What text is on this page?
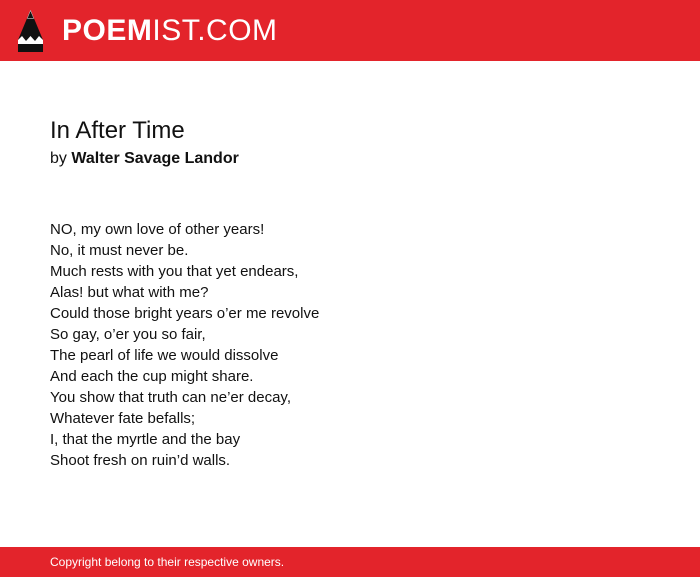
POEMIST.COM
In After Time
by Walter Savage Landor
NO, my own love of other years!
No, it must never be.
Much rests with you that yet endears,
Alas! but what with me?
Could those bright years o’er me revolve
So gay, o’er you so fair,
The pearl of life we would dissolve
And each the cup might share.
You show that truth can ne’er decay,
Whatever fate befalls;
I, that the myrtle and the bay
Shoot fresh on ruin’d walls.
Copyright belong to their respective owners.
